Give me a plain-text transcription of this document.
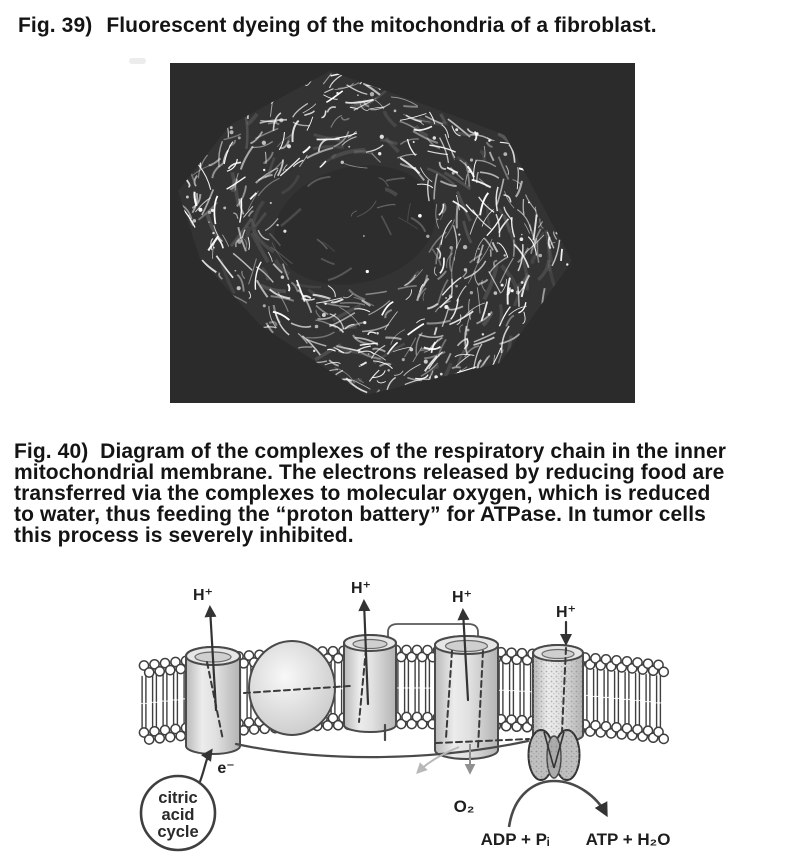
Fig. 39) Fluorescent dyeing of the mitochondria of a fibroblast.
Fig. 40)  Diagram of the complexes of the respiratory chain in the inner
mitochondrial membrane. The electrons released by reducing food are
transferred via the complexes to molecular oxygen, which is reduced
to water, thus feeding the “proton battery” for ATPase. In tumor cells
this process is severely inhibited.
citric
acid
cycle
H⁺	H⁺
H⁺
H⁺
e⁻
O₂
ADP + Pᵢ ATP + H₂O
